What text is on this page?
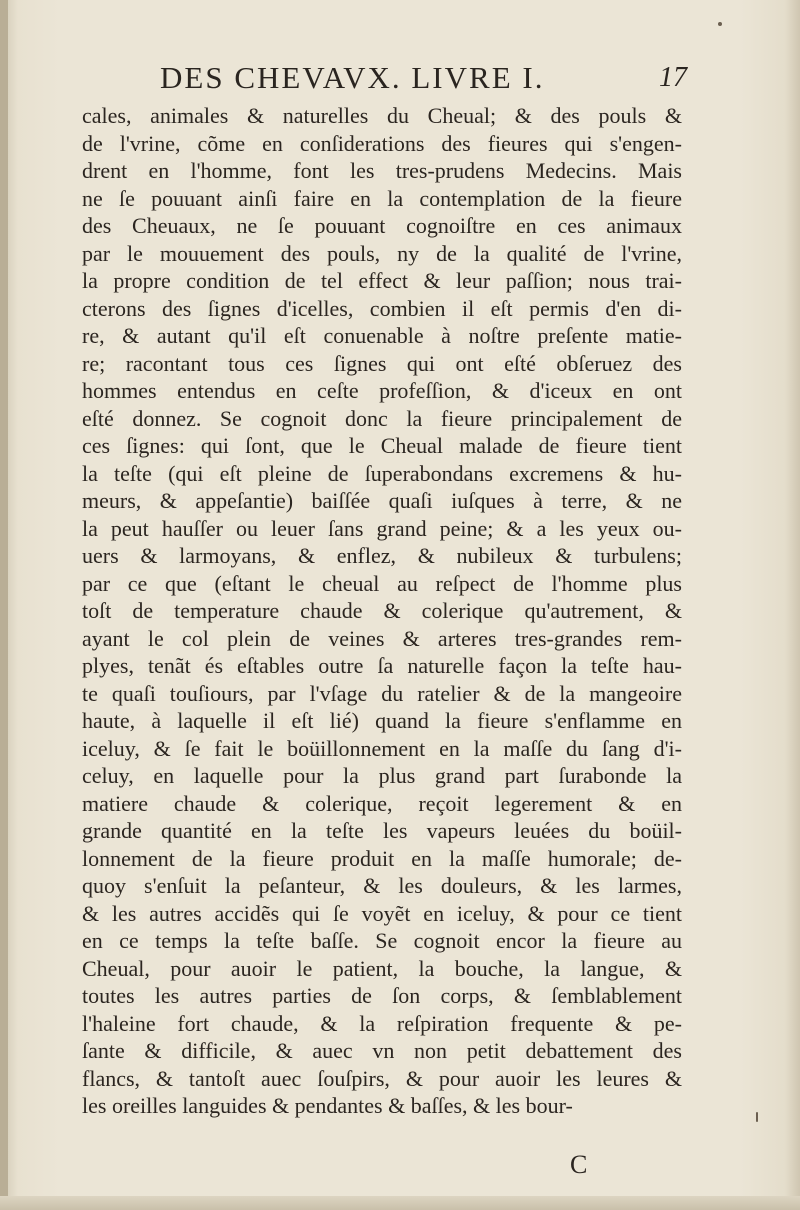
DES CHEVAVX. LIVRE I.	17
cales, animales & naturelles du Cheual; & des pouls &
de l'vrine, cõme en conſiderations des fieures qui s'engen-
drent en l'homme, font les tres-prudens Medecins. Mais
ne ſe pouuant ainſi faire en la contemplation de la fieure
des Cheuaux, ne ſe pouuant cognoiſtre en ces animaux
par le mouuement des pouls, ny de la qualité de l'vrine,
la propre condition de tel effect & leur paſſion; nous trai-
cterons des ſignes d'icelles, combien il eſt permis d'en di-
re, & autant qu'il eſt conuenable à noſtre preſente matie-
re; racontant tous ces ſignes qui ont eſté obſeruez des
hommes entendus en ceſte profeſſion, & d'iceux en ont
eſté donnez. Se cognoit donc la fieure principalement de
ces ſignes: qui ſont, que le Cheual malade de fieure tient
la teſte (qui eſt pleine de ſuperabondans excremens & hu-
meurs, & appeſantie) baiſſée quaſi iuſques à terre, & ne
la peut hauſſer ou leuer ſans grand peine; & a les yeux ou-
uers & larmoyans, & enflez, & nubileux & turbulens;
par ce que (eſtant le cheual au reſpect de l'homme plus
toſt de temperature chaude & colerique qu'autrement, &
ayant le col plein de veines & arteres tres-grandes rem-
plyes, tenãt és eſtables outre ſa naturelle façon la teſte hau-
te quaſi touſiours, par l'vſage du ratelier & de la mangeoire
haute, à laquelle il eſt lié) quand la fieure s'enflamme en
iceluy, & ſe fait le boüillonnement en la maſſe du ſang d'i-
celuy, en laquelle pour la plus grand part ſurabonde la
matiere chaude & colerique, reçoit legerement & en
grande quantité en la teſte les vapeurs leuées du boüil-
lonnement de la fieure produit en la maſſe humorale; de-
quoy s'enſuit la peſanteur, & les douleurs, & les larmes,
& les autres accidẽs qui ſe voyẽt en iceluy, & pour ce tient
en ce temps la teſte baſſe. Se cognoit encor la fieure au
Cheual, pour auoir le patient, la bouche, la langue, &
toutes les autres parties de ſon corps, & ſemblablement
l'haleine fort chaude, & la reſpiration frequente & pe-
ſante & difficile, & auec vn non petit debattement des
flancs, & tantoſt auec ſouſpirs, & pour auoir les leures &
les oreilles languides & pendantes & baſſes, & les bour-
C
